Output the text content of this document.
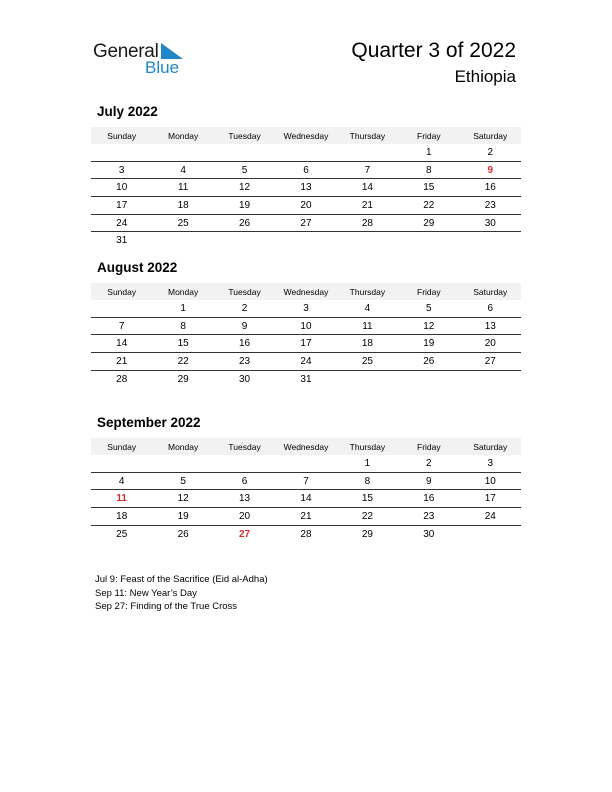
General
Blue
Quarter 3 of 2022
Ethiopia
July 2022
Sunday	Monday	Tuesday	Wednesday	Thursday	Friday	Saturday
					1	2
3	4	5	6	7	8	9
10	11	12	13	14	15	16
17	18	19	20	21	22	23
24	25	26	27	28	29	30
31						
August 2022
Sunday	Monday	Tuesday	Wednesday	Thursday	Friday	Saturday
	1	2	3	4	5	6
7	8	9	10	11	12	13
14	15	16	17	18	19	20
21	22	23	24	25	26	27
28	29	30	31			
September 2022
Sunday	Monday	Tuesday	Wednesday	Thursday	Friday	Saturday
				1	2	3
4	5	6	7	8	9	10
11	12	13	14	15	16	17
18	19	20	21	22	23	24
25	26	27	28	29	30	
Jul 9: Feast of the Sacrifice (Eid al-Adha)
Sep 11: New Year’s Day
Sep 27: Finding of the True Cross
